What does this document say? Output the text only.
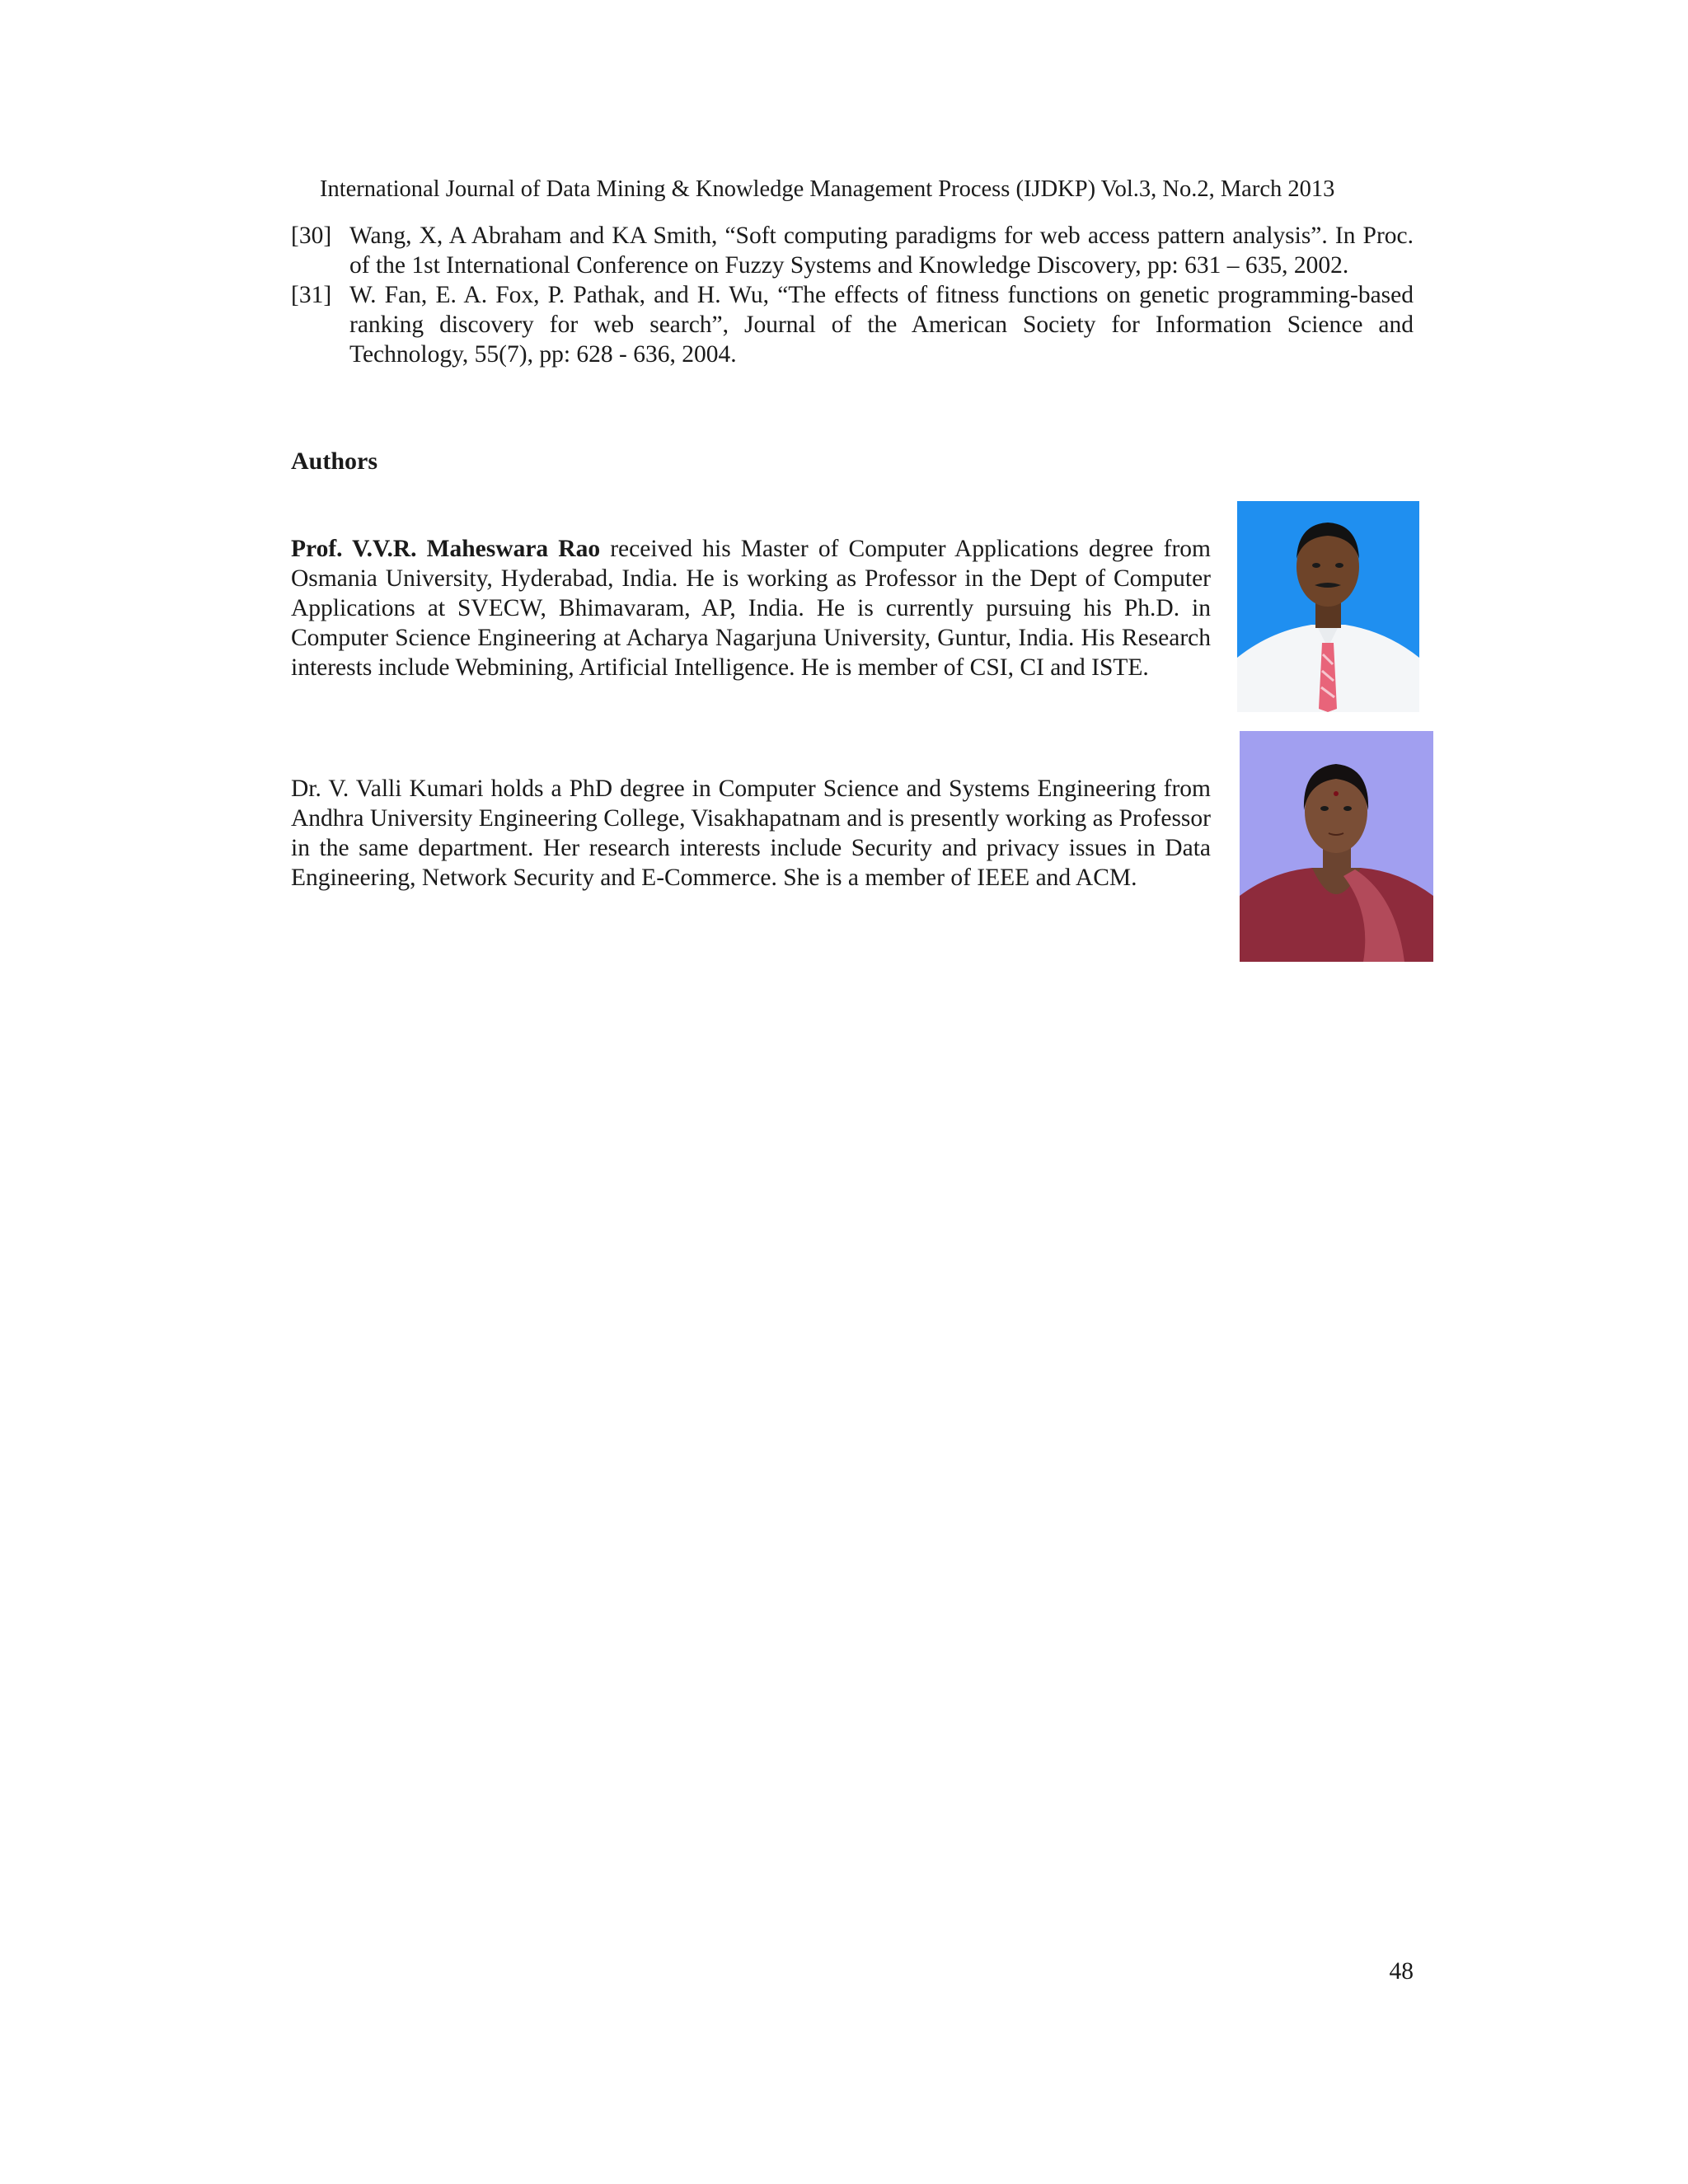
International Journal of Data Mining & Knowledge Management Process (IJDKP) Vol.3, No.2, March 2013
[30] Wang, X, A Abraham and KA Smith, “Soft computing paradigms for web access pattern analysis”. In Proc. of the 1st International Conference on Fuzzy Systems and Knowledge Discovery, pp: 631 – 635, 2002.
[31] W. Fan, E. A. Fox, P. Pathak, and H. Wu, “The effects of fitness functions on genetic programming-based ranking discovery for web search”, Journal of the American Society for Information Science and Technology, 55(7), pp: 628 - 636, 2004.
Authors
Prof. V.V.R. Maheswara Rao received his Master of Computer Applications degree from Osmania University, Hyderabad, India. He is working as Professor in the Dept of Computer Applications at SVECW, Bhimavaram, AP, India. He is currently pursuing his Ph.D. in Computer Science Engineering at Acharya Nagarjuna University, Guntur, India. His Research interests include Webmining, Artificial Intelligence. He is member of CSI, CI and ISTE.
Dr. V. Valli Kumari holds a PhD degree in Computer Science and Systems Engineering from Andhra University Engineering College, Visakhapatnam and is presently working as Professor in the same department. Her research interests include Security and privacy issues in Data Engineering, Network Security and E-Commerce. She is a member of IEEE and ACM.
48
